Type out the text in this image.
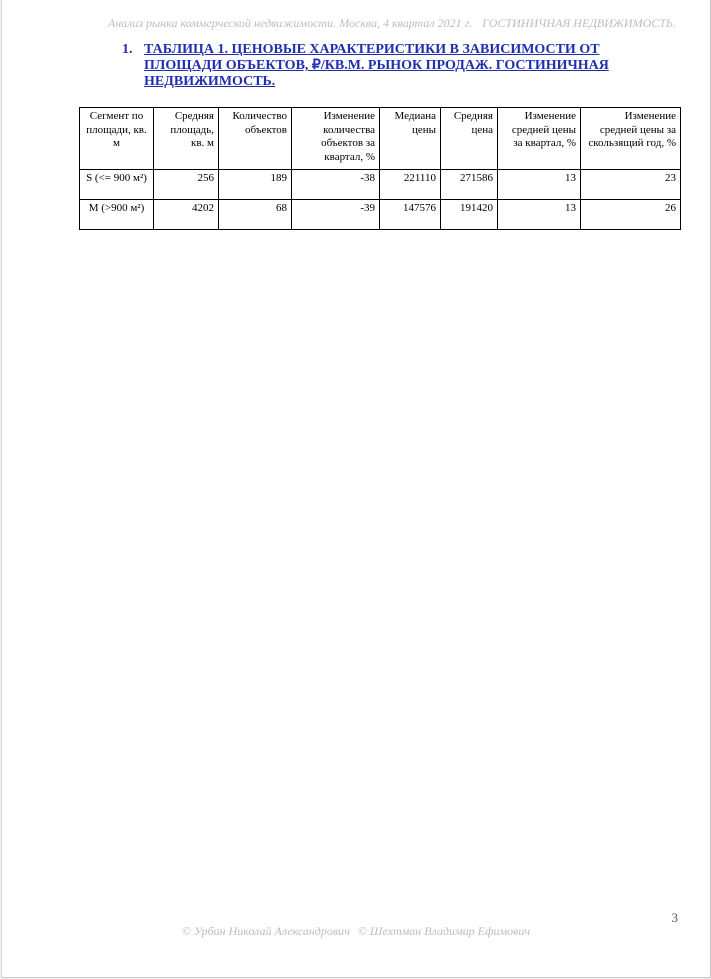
Анализ рынка коммерческой недвижимости. Москва, 4 квартал 2021 г. ГОСТИНИЧНАЯ НЕДВИЖИМОСТЬ.
1. ТАБЛИЦА 1. ЦЕНОВЫЕ ХАРАКТЕРИСТИКИ В ЗАВИСИМОСТИ ОТ ПЛОЩАДИ ОБЪЕКТОВ, ₽/КВ.М. РЫНОК ПРОДАЖ. ГОСТИНИЧНАЯ НЕДВИЖИМОСТЬ.
Сегмент по площади, кв. м	Средняя площадь, кв. м	Количество объектов	Изменение количества объектов за квартал, %	Медиана цены	Средняя цена	Изменение средней цены за квартал, %	Изменение средней цены за скользящий год, %
S (<= 900 м²)	256	189	-38	221110	271586	13	23
M (>900 м²)	4202	68	-39	147576	191420	13	26
3
© Урбан Николай Александрович © Шехтман Владимир Ефимович
